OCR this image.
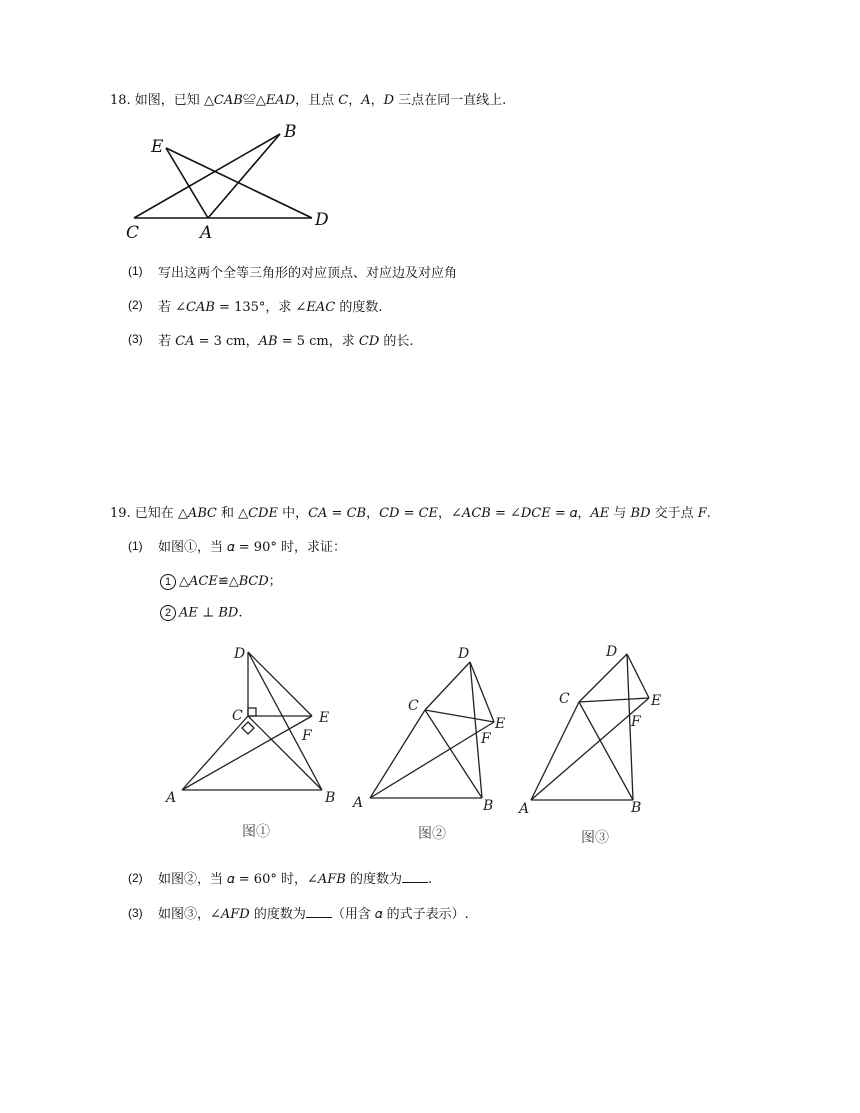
18. 如图，已知 △𝐶𝐴𝐵≌△𝐸𝐴𝐷，且点 𝐶，𝐴，𝐷 三点在同一直线上.
E
B
C	A
D
(1) 写出这两个全等三角形的对应顶点、对应边及对应角
(2) 若 ∠𝐶𝐴𝐵 = 135°，求 ∠𝐸𝐴𝐶 的度数.
(3) 若 𝐶𝐴 = 3 cm，𝐴𝐵 = 5 cm，求 𝐶𝐷 的长.
19. 已知在 △𝐴𝐵𝐶 和 △𝐶𝐷𝐸 中，𝐶𝐴 = 𝐶𝐵，𝐶𝐷 = 𝐶𝐸，∠𝐴𝐶𝐵 = ∠𝐷𝐶𝐸 = 𝛼，𝐴𝐸 与 𝐵𝐷 交于点 𝐹.
(1) 如图①，当 𝛼 = 90° 时，求证：
1 △𝐴𝐶𝐸≌△𝐵𝐶𝐷；
2 𝐴𝐸 ⊥ 𝐵𝐷.
D
C	E
F
A	B
图①
D
C
E
F
A	B
图②
D
C	E
F
A	B
图③
(2) 如图②，当 𝛼 = 60° 时，∠𝐴𝐹𝐵 的度数为 .
(3) 如图③，∠𝐴𝐹𝐷 的度数为 （用含 𝛼 的式子表示）.
